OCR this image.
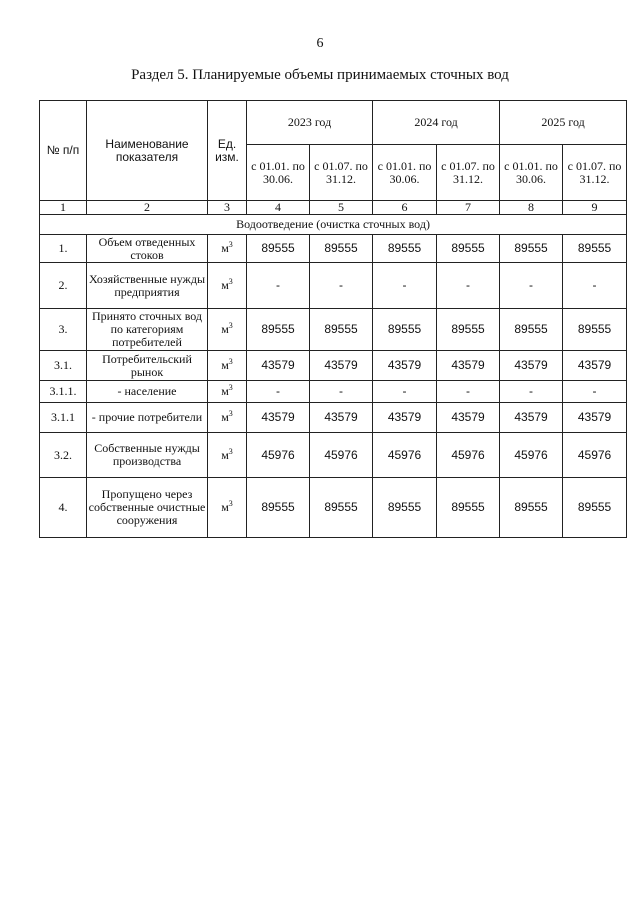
6
Раздел 5. Планируемые объемы принимаемых сточных вод
№ п/п	Наименование показателя	Ед. изм.	2023 год		2024 год		2025 год	
			с 01.01. по 30.06.	с 01.07. по 31.12.	с 01.01. по 30.06.	с 01.07. по 31.12.	с 01.01. по 30.06.	с 01.07. по 31.12.
1	2	3	4	5	6	7	8	9
Водоотведение (очистка сточных вод)								
1.	Объем отведенных стоков	$м^3$	89555	89555	89555	89555	89555	89555
2.	Хозяйственные нужды предприятия	$м^3$	-	-	-	-	-	-
3.	Принято сточных вод по категориям потребителей	$м^3$	89555	89555	89555	89555	89555	89555
3.1.	Потребительский рынок	$м^3$	43579	43579	43579	43579	43579	43579
3.1.1.	- население	$м^3$	-	-	-	-	-	-
3.1.1	- прочие потребители	$м^3$	43579	43579	43579	43579	43579	43579
3.2.	Собственные нужды производства	$м^3$	45976	45976	45976	45976	45976	45976
4.	Пропущено через собственные очистные сооружения	$м^3$	89555	89555	89555	89555	89555	89555
